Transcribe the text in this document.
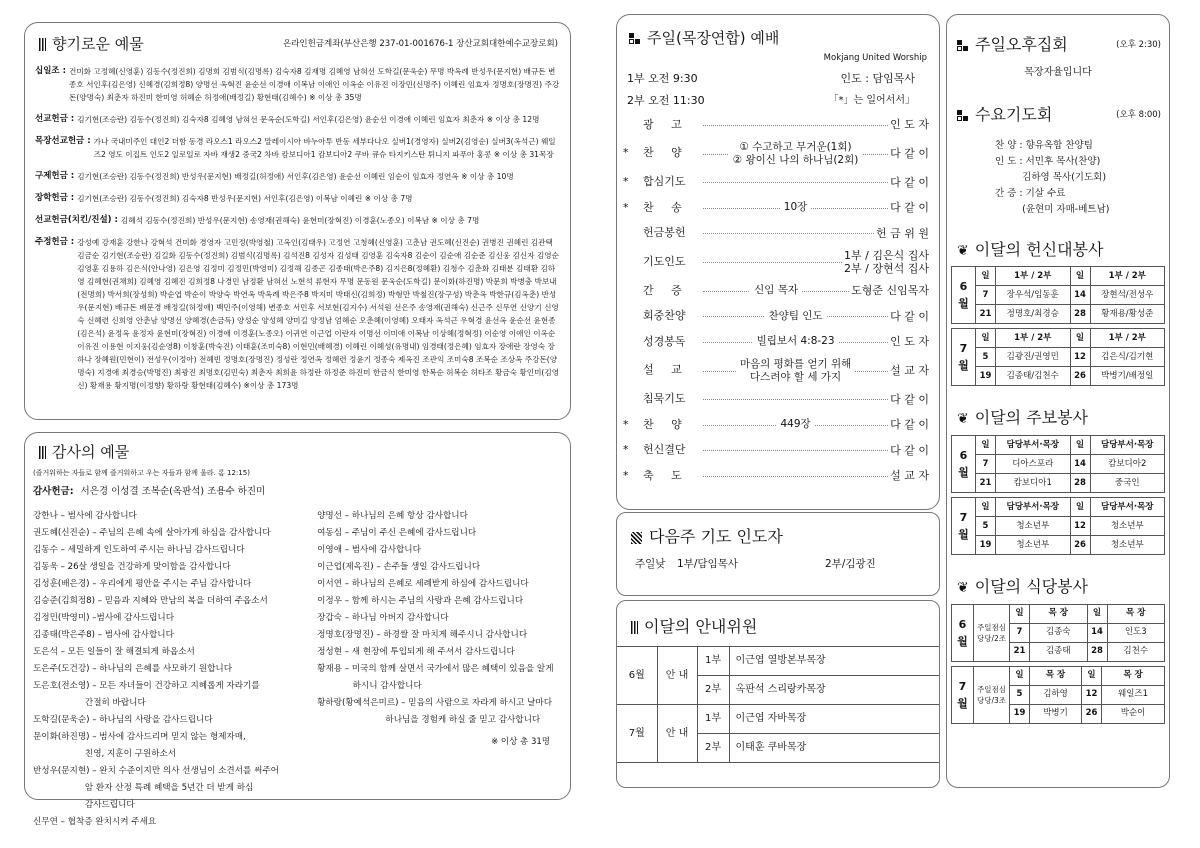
향기로운 예물	온라인헌금계좌(부산은행 237-01-001676-1 장산교회대한예수교장로회)
십일조 : 건미화 고정혜(신영훈) 김동수(정진희) 김명희 김범식(김명록) 김숙자8 김재명 김혜영 남혀선 도학길(문욱순) 무명 박옥례 반성우(문지현) 배규돈 변종호 서인후(김은영) 신혜경(김희정8) 양명선 옥혁진 윤순선 이경애 이복남 이애인 이옥순 이유진 이장민(신명주) 이혜린 임효자 정명호(장명진) 주강돈(양명숙) 최춘자 하진미 한미영 허혜순 허정애(배정길) 황현태(김혜수) ※ 이상 총 35명
선교헌금 : 김기현(조승란) 김동수(정진희) 김숙자8 김혜영 남혀선 문옥순(도학길) 서인후(김은영) 윤순선 이경애 이혜린 임효자 최춘자 ※ 이상 총 12명
목장선교헌금 : 가나 국내미주인 대인2 더함 동경 라오스1 라오스2 말레이시아 바누아투 반동 세부다나오 실버1(경영자) 실버2(김영순) 실버3(옥석근) 웨일즈2 영도 이집트 인도2 일로일로 자바 재생2 중국2 차바 캄보디아1 캄보디아2 쿠바 큐슈 타지키스탄 튀니지 파푸아 홍콩 ※ 이상 총 31목장
구제헌금 : 김기현(조승란) 김동수(정진희) 반성우(문지현) 배정길(허정애) 서인후(김은영) 윤순선 이혜린 임순이 임효자 정연옥 ※ 이상 총 10명
장학헌금 : 김기현(조승란) 김동수(정진희) 김숙자8 반성우(문지현) 서인후(김은영) 이복남 이혜린 ※ 이상 총 7명
선교헌금(치킨/진설) : 김혜석 김동수(정진희) 반성우(문지현) 송영재(권해숙) 윤현미(장혁진) 이경훈(노종오) 이복남 ※ 이상 총 7명
주정헌금 : 강성예 강재훈 강한나 강혁석 건미화 경영자 고민정(박영철) 고옥인(김태우) 고정연 고청혜(신영훈) 고춘남 권도혜(신진순) 권병진 권혜린 김관택 김금순 김기현(조승란) 김길화 김동수(정진희) 김범식(김명록) 김석진8 김성자 김성태 김영훈 김숙자8 김순이 김순애 김순준 김신웅 김신자 김영순 김영훈 김용하 김은식(안나영) 김은영 김정미 김정민(박영미) 김정해 김종곤 김종태(박은주8) 김지은8(정혜환) 김청수 김춘화 김태분 김태환 김하영 김혜현(권채희) 김혜영 김혜진 김희정8 나경민 남정환 남혀선 노현석 류현자 무명 문동원 문욱순(도학길) 문이화(하진명) 박문희 박병충 박보내(전명희) 박서희(장성희) 박순엽 박순이 박양숙 박연옥 박옥례 박은주8 박지미 박태신(김희정) 박형만 박철진(장구성) 박춘옥 박한규(김옥춘) 반성우(문지현) 배규돈 배문경 배정길(허정애) 백민주(이영해) 변종호 서민후 서보현(김지수) 서석원 선은주 송영재(권해숙) 신근주 신무연 신양기 신영숙 신혜련 신희영 안춘남 양명선 양혜경(손금득) 양성순 양성혜 양미길 양정남 엄혜순 오춘혜(이영혜) 오태자 옥석근 우혁경 윤선옥 윤순선 윤현종(김은석) 윤정옥 윤정자 윤현미(장혁진) 이경애 이경훈(노종오) 이귀연 이근업 이란자 이명선 이미애 이복남 이상혜(정혁정) 이순영 이애인 이옥순 이유진 이용현 이지웅(김순영8) 이창훈(박숙진) 이태훈(조미숙8) 이현민(배혜경) 이혜린 이혜성(유명내) 임경태(정은혜) 임효자 장애란 장영숙 장하나 장혜원(민현이) 전성우(이정아) 전혜빈 정명호(장명진) 정성란 정연옥 정혜련 정윤기 정종숙 제옥진 조관익 조미숙8 조복순 조상옥 주강돈(양명숙) 지경애 최경승(박명진) 최광진 최명호(김민숙) 최춘자 최희윤 하정란 하정준 하진미 한금식 한미영 한복순 허복순 허타조 황금숙 황인미(김영신) 황재용 황지명(이정향) 황하랑 황현태(김혜수) ※이상 총 173명
감사의 예물
(즐거워하는 자들로 함께 즐거워하고 우는 자들과 함께 울라. 롬 12:15)
감사헌금: 서은경 이성결 조복순(옥판석) 조용수 하진미
강한나 – 범사에 감사합니다
권도혜(신진순) – 주님의 은혜 속에 살아가게 하심을 감사합니다
김동수 – 세밀하게 인도하여 주시는 하나님 감사드립니다
김동욱 – 26살 생일을 건강하게 맞이함을 감사합니다
김성훈(배은경) – 우리에게 평안을 주시는 주님 감사합니다
김승준(김희정8) – 믿음과 지혜와 만남의 복을 더하여 주옵소서
김정민(박영미) –범사에 감사드립니다
김종태(박은주8) – 범사에 감사합니다
도은석 – 모든 일들이 잘 해결되게 하옵소서
도은주(도건강) – 하나님의 은혜를 사모하기 원합니다
도은호(전소영) – 모든 자녀들이 건강하고 지혜롭게 자라기를
간절히 바랍니다
도학길(문욱순) – 하나님의 사랑을 감사드립니다
문이화(하진명) – 범사에 감사드리며 믿지 않는 형제자매,
친영, 지훈이 구원하소서
반성우(문지현) – 완치 수준이지만 의사 선생님이 소견서를 써주어
암 환자 산정 특례 혜택을 5년간 더 받게 하심
감사드립니다
신무연 – 협착증 완치시켜 주세요
양명선 – 하나님의 은혜 항상 감사합니다
여동심 – 주님이 주신 은혜에 감사드립니다
이영애 – 범사에 감사합니다
이근업(제옥진) – 손주들 생일 감사드립니다
이서연 – 하나님의 은혜로 세례받게 하심에 감사드립니다
이정우 – 함께 하시는 주님의 사랑과 은혜 감사드립니다
장갑숙 – 하나님 아버지 감사합니다
정명호(장명진) – 하경쌀 잘 마치게 해주시니 감사합니다
정성현 – 새 현장에 투입되게 해 주셔서 감사드립니다
황재용 – 미국의 함께 살면서 국가에서 많은 혜택이 있음을 알게
하시니 감사합니다
황하랑(황예석은미르) – 믿음의 사람으로 자라게 하시고 날마다
하나님을 경험케 하실 줄 믿고 감사합니다
※ 이상 총 31명
주일(목장연합) 예배
Mokjang United Worship
1부 오전 9:30	인도 : 담임목사
2부 오전 11:30	「*」는 일어서서」
광     고	인 도 자
*	찬     양	① 수고하고 무거운(1회)
② 왕이신 나의 하나님(2회)	다 같 이
*	합심기도	다 같 이
*	찬     송	10장	다 같 이
헌금봉헌	헌 금 위 원
기도인도	1부 / 김은식 집사
2부 / 장현석 집사
간     증	신임 목자	도형준 신임목자
회중찬양	찬양팀 인도	다 같 이
성경봉독	빌립보서 4:8-23	인 도 자
설     교	마음의 평화를 얻기 위해
다스려야 할 세 가지	설 교 자
침묵기도	다 같 이
*	찬     양	449장	다 같 이
*	헌신결단	다 같 이
*	축     도	설 교 자
다음주 기도 인도자
주일낮	1부/담임목사	2부/김광진
이달의 안내위원
6월	안 내	1부	이근엽 열방본부목장
		2부	옥판석 스리랑카목장
7월	안 내	1부	이근엽 자바목장
		2부	이태훈 쿠바목장
주일오후집회	(오후 2:30)
목장자율입니다
수요기도회	(오후 8:00)
찬 양 : 향유옥합 찬양팀
인 도 : 서민후 목사(찬양)
김하영 목사(기도회)
간 증 : 기살 수료
(윤현미 자매-베트남)
❦ 이달의 헌신대봉사
6
월	일	1부 / 2부	일	1부 / 2부
	7	장우석/임동훈	14	장현석/전성우
	21	정명호/최경승	28	황재용/황성준
7
월	일	1부 / 2부	일	1부 / 2부
	5	김광진/권영민	12	김은식/김기현
	19	김종태/김천수	26	박병기/배정일
❦ 이달의 주보봉사
6
월	일	담당부서·목장	일	담당부서·목장
	7	디아스포라	14	캄보디아2
	21	캄보디아1	28	중국인
7
월	일	담당부서·목장	일	담당부서·목장
	5	청소년부	12	청소년부
	19	청소년부	26	청소년부
❦ 이달의 식당봉사
6
월	주일점심
당당/2조	일	목 장	일	목 장
		7	김종숙	14	인도3
		21	김종태	28	김천수
7
월	주일점심
당당/3조	일	목 장	일	목 장
		5	김하영	12	웨일즈1
		19	박병기	26	박순이
